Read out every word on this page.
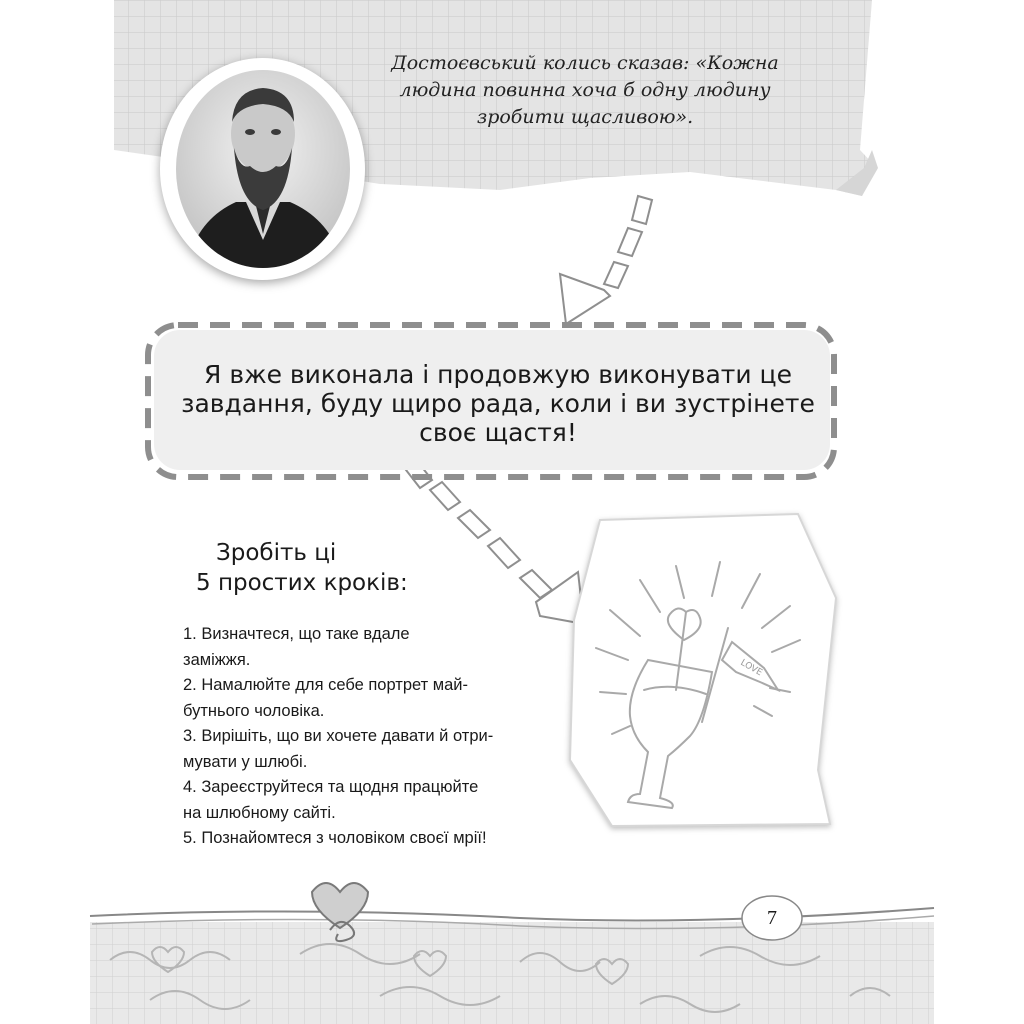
LOVE
Достоєвський колись сказав: «Кожна
людина повинна хоча б одну людину
зробити щасливою».
Я вже виконала і продовжую виконувати це
завдання, буду щиро рада, коли і ви зустрінете
своє щастя!
Зробіть ці
5 простих кроків:
1. Визначтеся, що таке вдале
заміжжя.
2. Намалюйте для себе портрет май-
бутнього чоловіка.
3. Вирішіть, що ви хочете давати й отри-
мувати у шлюбі.
4. Зареєструйтеся та щодня працюйте
на шлюбному сайті.
5. Познайомтеся з чоловіком своєї мрії!
7
